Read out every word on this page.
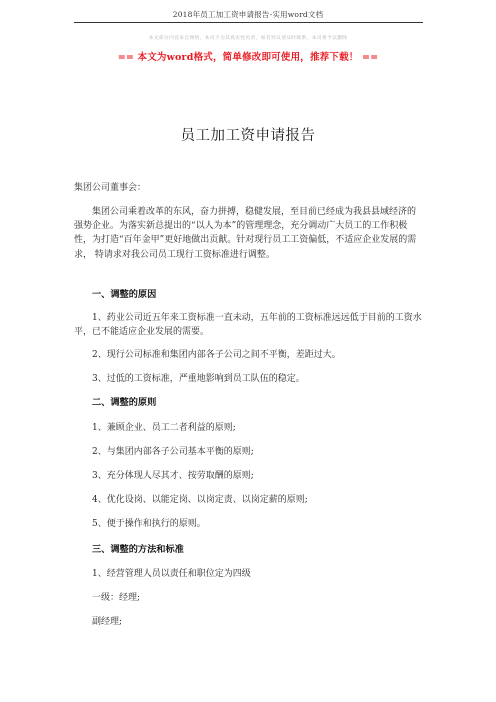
2018年员工加工资申请报告-实用word文档
本文部分内容来自网络，本司不为其真实性负责，如有异议请及时联系，本司将予以删除
== 本文为word格式，简单修改即可使用，推荐下载！ ==
员工加工资申请报告
集团公司董事会：
集团公司乘着改革的东风，奋力拼搏，稳健发展，至目前已经成为我县县域经济的强势企业。为落实新总提出的“以人为本”的管理理念，充分调动广大员工的工作积极性，为打造“百年金甲”更好地做出贡献。针对现行员工工资偏低，不适应企业发展的需求， 特请求对我公司员工现行工资标准进行调整。
一、调整的原因
1、药业公司近五年来工资标准一直未动，五年前的工资标准远远低于目前的工资水平，已不能适应企业发展的需要。
2、现行公司标准和集团内部各子公司之间不平衡，差距过大。
3、过低的工资标准，严重地影响到员工队伍的稳定。
二、调整的原则
1、兼顾企业、员工二者利益的原则;
2、与集团内部各子公司基本平衡的原则;
3、充分体现人尽其才、按劳取酬的原则;
4、优化设岗、以能定岗、以岗定责、以岗定薪的原则;
5、便于操作和执行的原则。
三、调整的方法和标准
1、经营管理人员以责任和职位定为四级
一级：经理;
副经理;
